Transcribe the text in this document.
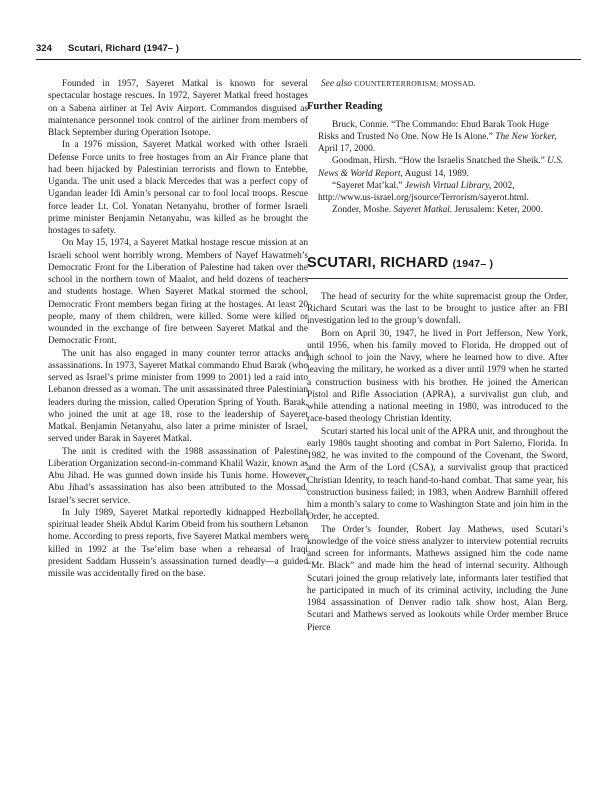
324 Scutari, Richard (1947– )

Founded in 1957, Sayeret Matkal is known for several spectacular hostage rescues. In 1972, Sayeret Matkal freed hostages on a Sabena airliner at Tel Aviv Airport. Commandos disguised as maintenance personnel took control of the airliner from members of Black September during Operation Isotope.

In a 1976 mission, Sayeret Matkal worked with other Israeli Defense Force units to free hostages from an Air France plane that had been hijacked by Palestinian terrorists and flown to Entebbe, Uganda. The unit used a black Mercedes that was a perfect copy of Ugandan leader Idi Amin’s personal car to fool local troops. Rescue force leader Lt. Col. Yonatan Netanyahu, brother of former Israeli prime minister Benjamin Netanyahu, was killed as he brought the hostages to safety.

On May 15, 1974, a Sayeret Matkal hostage rescue mission at an Israeli school went horribly wrong. Members of Nayef Hawatmeh’s Democratic Front for the Liberation of Palestine had taken over the school in the northern town of Maalot, and held dozens of teachers and students hostage. When Sayeret Matkal stormed the school, Democratic Front members began firing at the hostages. At least 20 people, many of them children, were killed. Some were killed or wounded in the exchange of fire between Sayeret Matkal and the Democratic Front.

The unit has also engaged in many counter terror attacks and assassinations. In 1973, Sayeret Matkal commando Ehud Barak (who served as Israel’s prime minister from 1999 to 2001) led a raid into Lebanon dressed as a woman. The unit assassinated three Palestinian leaders during the mission, called Operation Spring of Youth. Barak, who joined the unit at age 18, rose to the leadership of Sayeret Matkal. Benjamin Netanyahu, also later a prime minister of Israel, served under Barak in Sayeret Matkal.

The unit is credited with the 1988 assassination of Palestine Liberation Organization second-in-command Khalil Wazir, known as Abu Jihad. He was gunned down inside his Tunis home. However, Abu Jihad’s assassination has also been attributed to the Mossad, Israel’s secret service.

In July 1989, Sayeret Matkal reportedly kidnapped Hezbollah spiritual leader Sheik Abdul Karim Obeid from his southern Lebanon home. According to press reports, five Sayeret Matkal members were killed in 1992 at the Tse’elim base when a rehearsal of Iraqi president Saddam Hussein’s assassination turned deadly—a guided missile was accidentally fired on the base.

See also COUNTERTERRORISM; MOSSAD.

Further Reading

Bruck, Connie. “The Commando: Ehud Barak Took Huge Risks and Trusted No One. Now He Is Alone.” The New Yorker, April 17, 2000.

Goodman, Hirsh. “How the Israelis Snatched the Sheik.” U.S. News & World Report, August 14, 1989.

“Sayeret Mat’kal.” Jewish Virtual Library, 2002, http://www.us-israel.org/jsource/Terrorism/sayerot.html.

Zonder, Moshe. Sayeret Matkal. Jerusalem: Keter, 2000.

SCUTARI, RICHARD (1947– )

The head of security for the white supremacist group the Order, Richard Scutari was the last to be brought to justice after an FBI investigation led to the group’s downfall.

Born on April 30, 1947, he lived in Port Jefferson, New York, until 1956, when his family moved to Florida. He dropped out of high school to join the Navy, where he learned how to dive. After leaving the military, he worked as a diver until 1979 when he started a construction business with his brother. He joined the American Pistol and Rifle Association (APRA), a survivalist gun club, and while attending a national meeting in 1980, was introduced to the race-based theology Christian Identity.

Scutari started his local unit of the APRA unit, and throughout the early 1980s taught shooting and combat in Port Salerno, Florida. In 1982, he was invited to the compound of the Covenant, the Sword, and the Arm of the Lord (CSA), a survivalist group that practiced Christian Identity, to teach hand-to-hand combat. That same year, his construction business failed; in 1983, when Andrew Barnhill offered him a month’s salary to come to Washington State and join him in the Order, he accepted.

The Order’s founder, Robert Jay Mathews, used Scutari’s knowledge of the voice stress analyzer to interview potential recruits and screen for informants. Mathews assigned him the code name “Mr. Black” and made him the head of internal security. Although Scutari joined the group relatively late, informants later testified that he participated in much of its criminal activity, including the June 1984 assassination of Denver radio talk show host, Alan Berg. Scutari and Mathews served as lookouts while Order member Bruce Pierce
